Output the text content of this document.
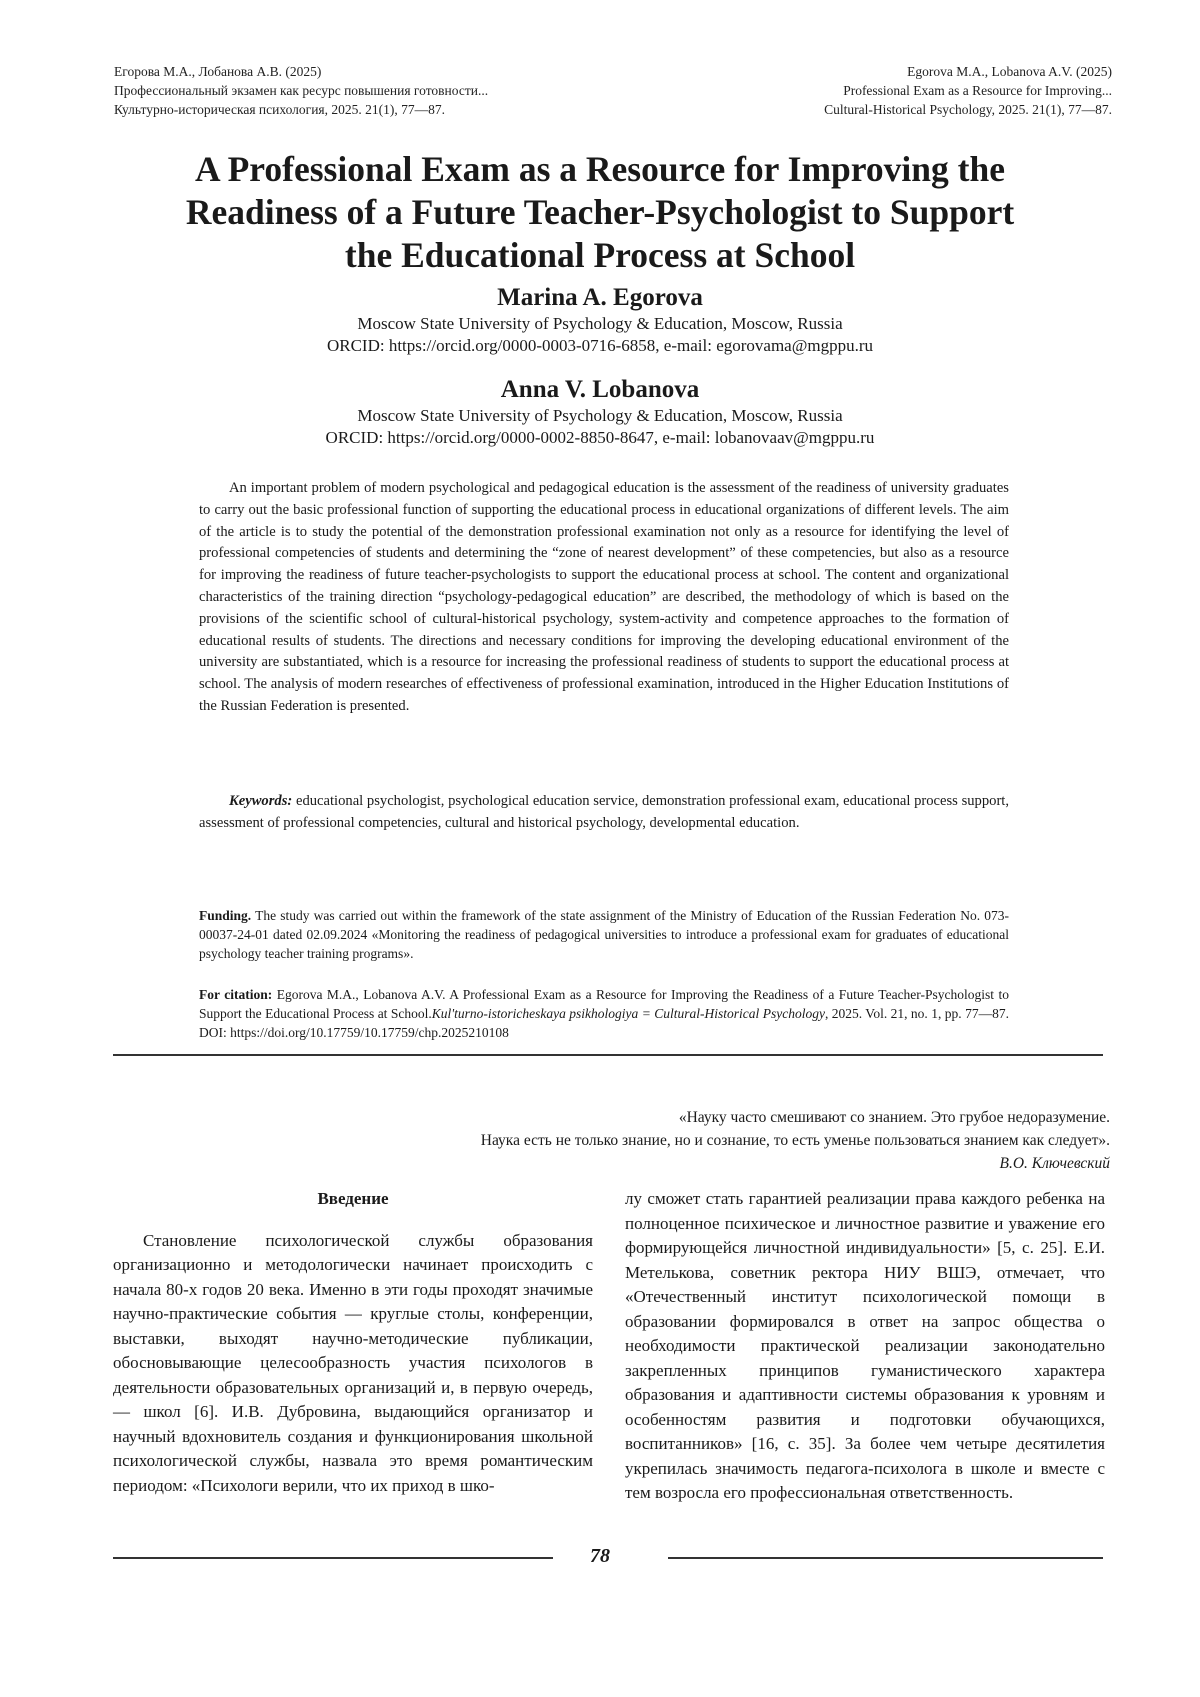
Егорова М.А., Лобанова А.В. (2025)
Профессиональный экзамен как ресурс повышения готовности...
Культурно-историческая психология, 2025. 21(1), 77—87.
Egorova M.A., Lobanova A.V. (2025)
Professional Exam as a Resource for Improving...
Cultural-Historical Psychology, 2025. 21(1), 77—87.
A Professional Exam as a Resource for Improving the
Readiness of a Future Teacher-Psychologist to Support
the Educational Process at School
Marina A. Egorova
Moscow State University of Psychology & Education, Moscow, Russia
ORCID: https://orcid.org/0000-0003-0716-6858, e-mail: egorovama@mgppu.ru
Anna V. Lobanova
Moscow State University of Psychology & Education, Moscow, Russia
ORCID: https://orcid.org/0000-0002-8850-8647, e-mail: lobanovaav@mgppu.ru
An important problem of modern psychological and pedagogical education is the assessment of the readiness of university graduates to carry out the basic professional function of supporting the educational process in educational organizations of different levels. The aim of the article is to study the potential of the demonstration professional examination not only as a resource for identifying the level of professional competencies of students and determining the “zone of nearest development” of these competencies, but also as a resource for improving the readiness of future teacher-psychologists to support the educational process at school. The content and organizational characteristics of the training direction “psychology-pedagogical education” are described, the methodology of which is based on the provisions of the scientific school of cultural-historical psychology, system-activity and competence approaches to the formation of educational results of students. The directions and necessary conditions for improving the developing educational environment of the university are substantiated, which is a resource for increasing the professional readiness of students to support the educational process at school. The analysis of modern researches of effectiveness of professional examination, introduced in the Higher Education Institutions of the Russian Federation is presented.
Keywords: educational psychologist, psychological education service, demonstration professional exam, educational process support, assessment of professional competencies, cultural and historical psychology, developmental education.
Funding. The study was carried out within the framework of the state assignment of the Ministry of Education of the Russian Federation No. 073-00037-24-01 dated 02.09.2024 «Monitoring the readiness of pedagogical universities to introduce a professional exam for graduates of educational psychology teacher training programs».
For citation: Egorova M.A., Lobanova A.V. A Professional Exam as a Resource for Improving the Readiness of a Future Teacher-Psychologist to Support the Educational Process at School.Kul'turno-istoricheskaya psikhologiya = Cultural-Historical Psychology, 2025. Vol. 21, no. 1, pp. 77—87. DOI: https://doi.org/10.17759/10.17759/chp.2025210108
«Науку часто смешивают со знанием. Это грубое недоразумение.
Наука есть не только знание, но и сознание, то есть уменье пользоваться знанием как следует».
В.О. Ключевский
Введение
Становление психологической службы образования организационно и методологически начинает происходить с начала 80-х годов 20 века. Именно в эти годы проходят значимые научно-практические события — круглые столы, конференции, выставки, выходят научно-методические публикации, обосновывающие целесообразность участия психологов в деятельности образовательных организаций и, в первую очередь, — школ [6]. И.В. Дубровина, выдающийся организатор и научный вдохновитель создания и функционирования школьной психологической службы, назвала это время романтическим периодом: «Психологи верили, что их приход в шко-
лу сможет стать гарантией реализации права каждого ребенка на полноценное психическое и личностное развитие и уважение его формирующейся личностной индивидуальности» [5, с. 25]. Е.И. Метелькова, советник ректора НИУ ВШЭ, отмечает, что «Отечественный институт психологической помощи в образовании формировался в ответ на запрос общества о необходимости практической реализации законодательно закрепленных принципов гуманистического характера образования и адаптивности системы образования к уровням и особенностям развития и подготовки обучающихся, воспитанников» [16, с. 35]. За более чем четыре десятилетия укрепилась значимость педагога-психолога в школе и вместе с тем возросла его профессиональная ответственность.
78
